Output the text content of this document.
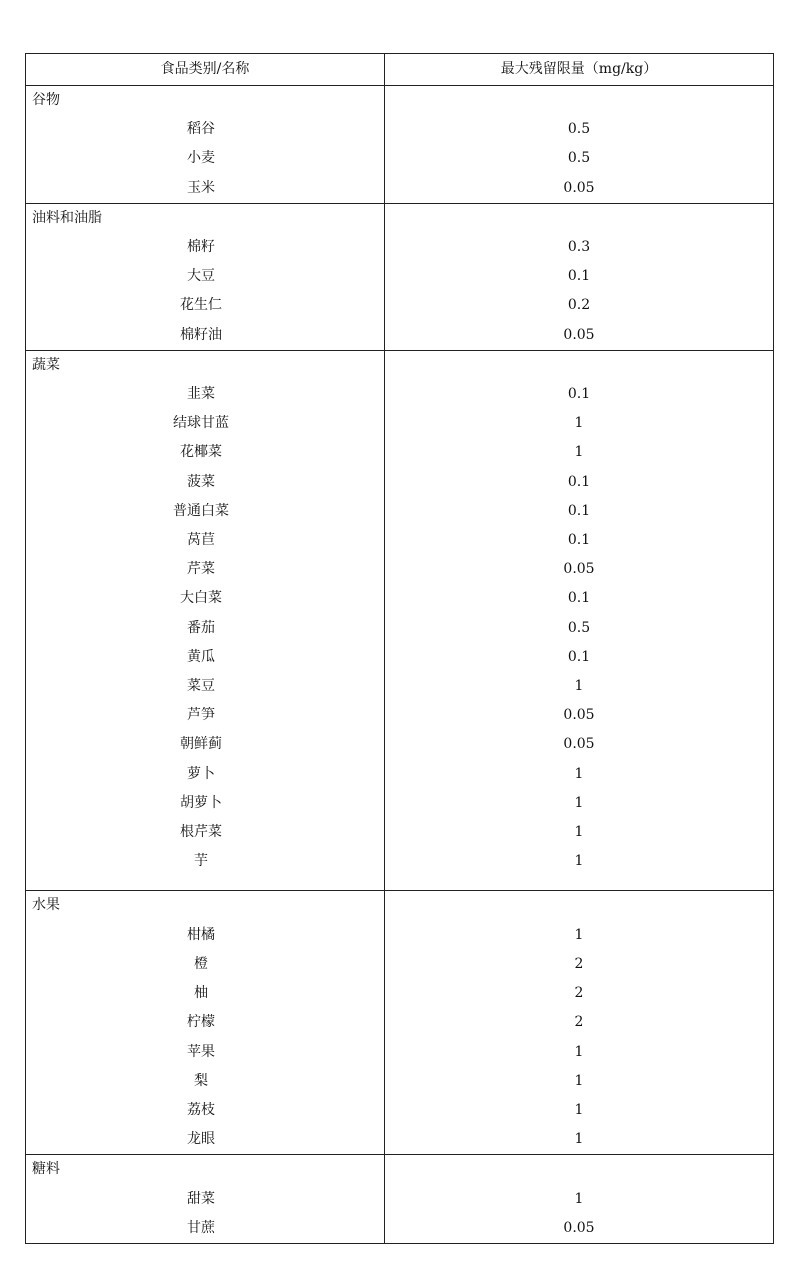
食品类别/名称	最大残留限量（mg/kg）
谷物	
稻谷	0.5
小麦	0.5
玉米	0.05
油料和油脂	
棉籽	0.3
大豆	0.1
花生仁	0.2
棉籽油	0.05
蔬菜	
韭菜	0.1
结球甘蓝	1
花椰菜	1
菠菜	0.1
普通白菜	0.1
莴苣	0.1
芹菜	0.05
大白菜	0.1
番茄	0.5
黄瓜	0.1
菜豆	1
芦笋	0.05
朝鲜蓟	0.05
萝卜	1
胡萝卜	1
根芹菜	1
芋	1

水果	
柑橘	1
橙	2
柚	2
柠檬	2
苹果	1
梨	1
荔枝	1
龙眼	1
糖料	
甜菜	1
甘蔗	0.05
